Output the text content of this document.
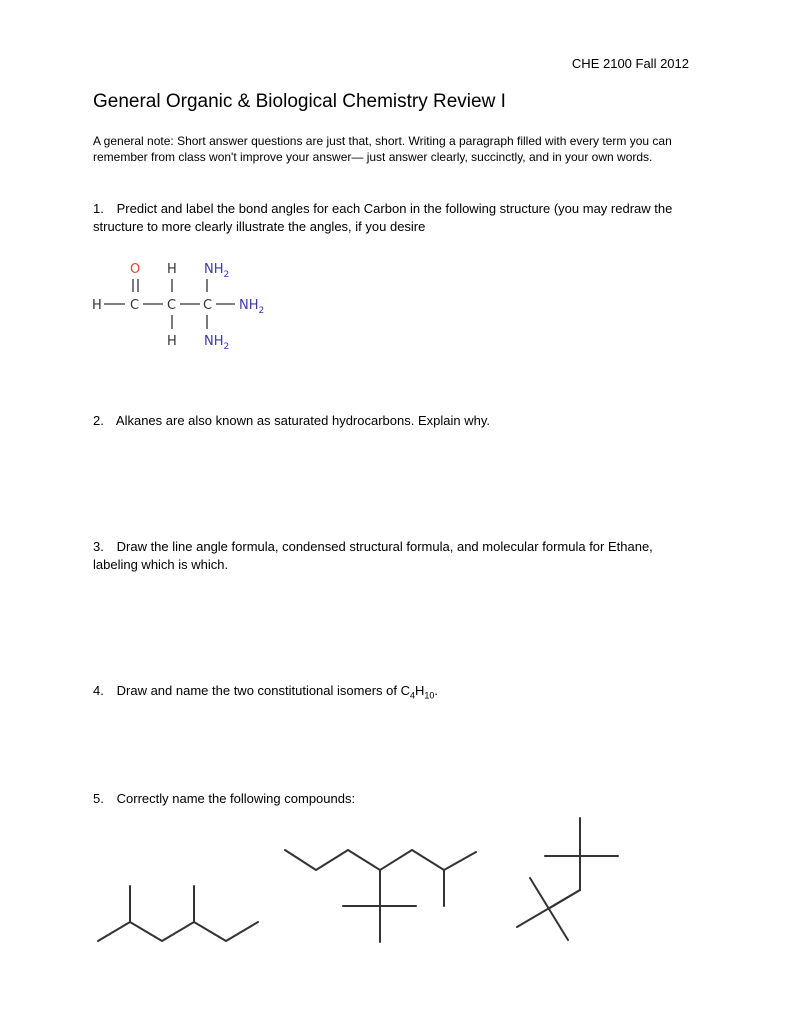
CHE 2100 Fall 2012
General Organic & Biological Chemistry Review I
A general note: Short answer questions are just that, short. Writing a paragraph filled with every term you can remember from class won't improve your answer— just answer clearly, succinctly, and in your own words.
1. Predict and label the bond angles for each Carbon in the following structure (you may redraw the structure to more clearly illustrate the angles, if you desire
O H $NH_2$
H C C C $NH_2$
H $NH_2$
2. Alkanes are also known as saturated hydrocarbons. Explain why.
3. Draw the line angle formula, condensed structural formula, and molecular formula for Ethane, labeling which is which.
4. Draw and name the two constitutional isomers of $C_4H_{10}$.
5. Correctly name the following compounds:
